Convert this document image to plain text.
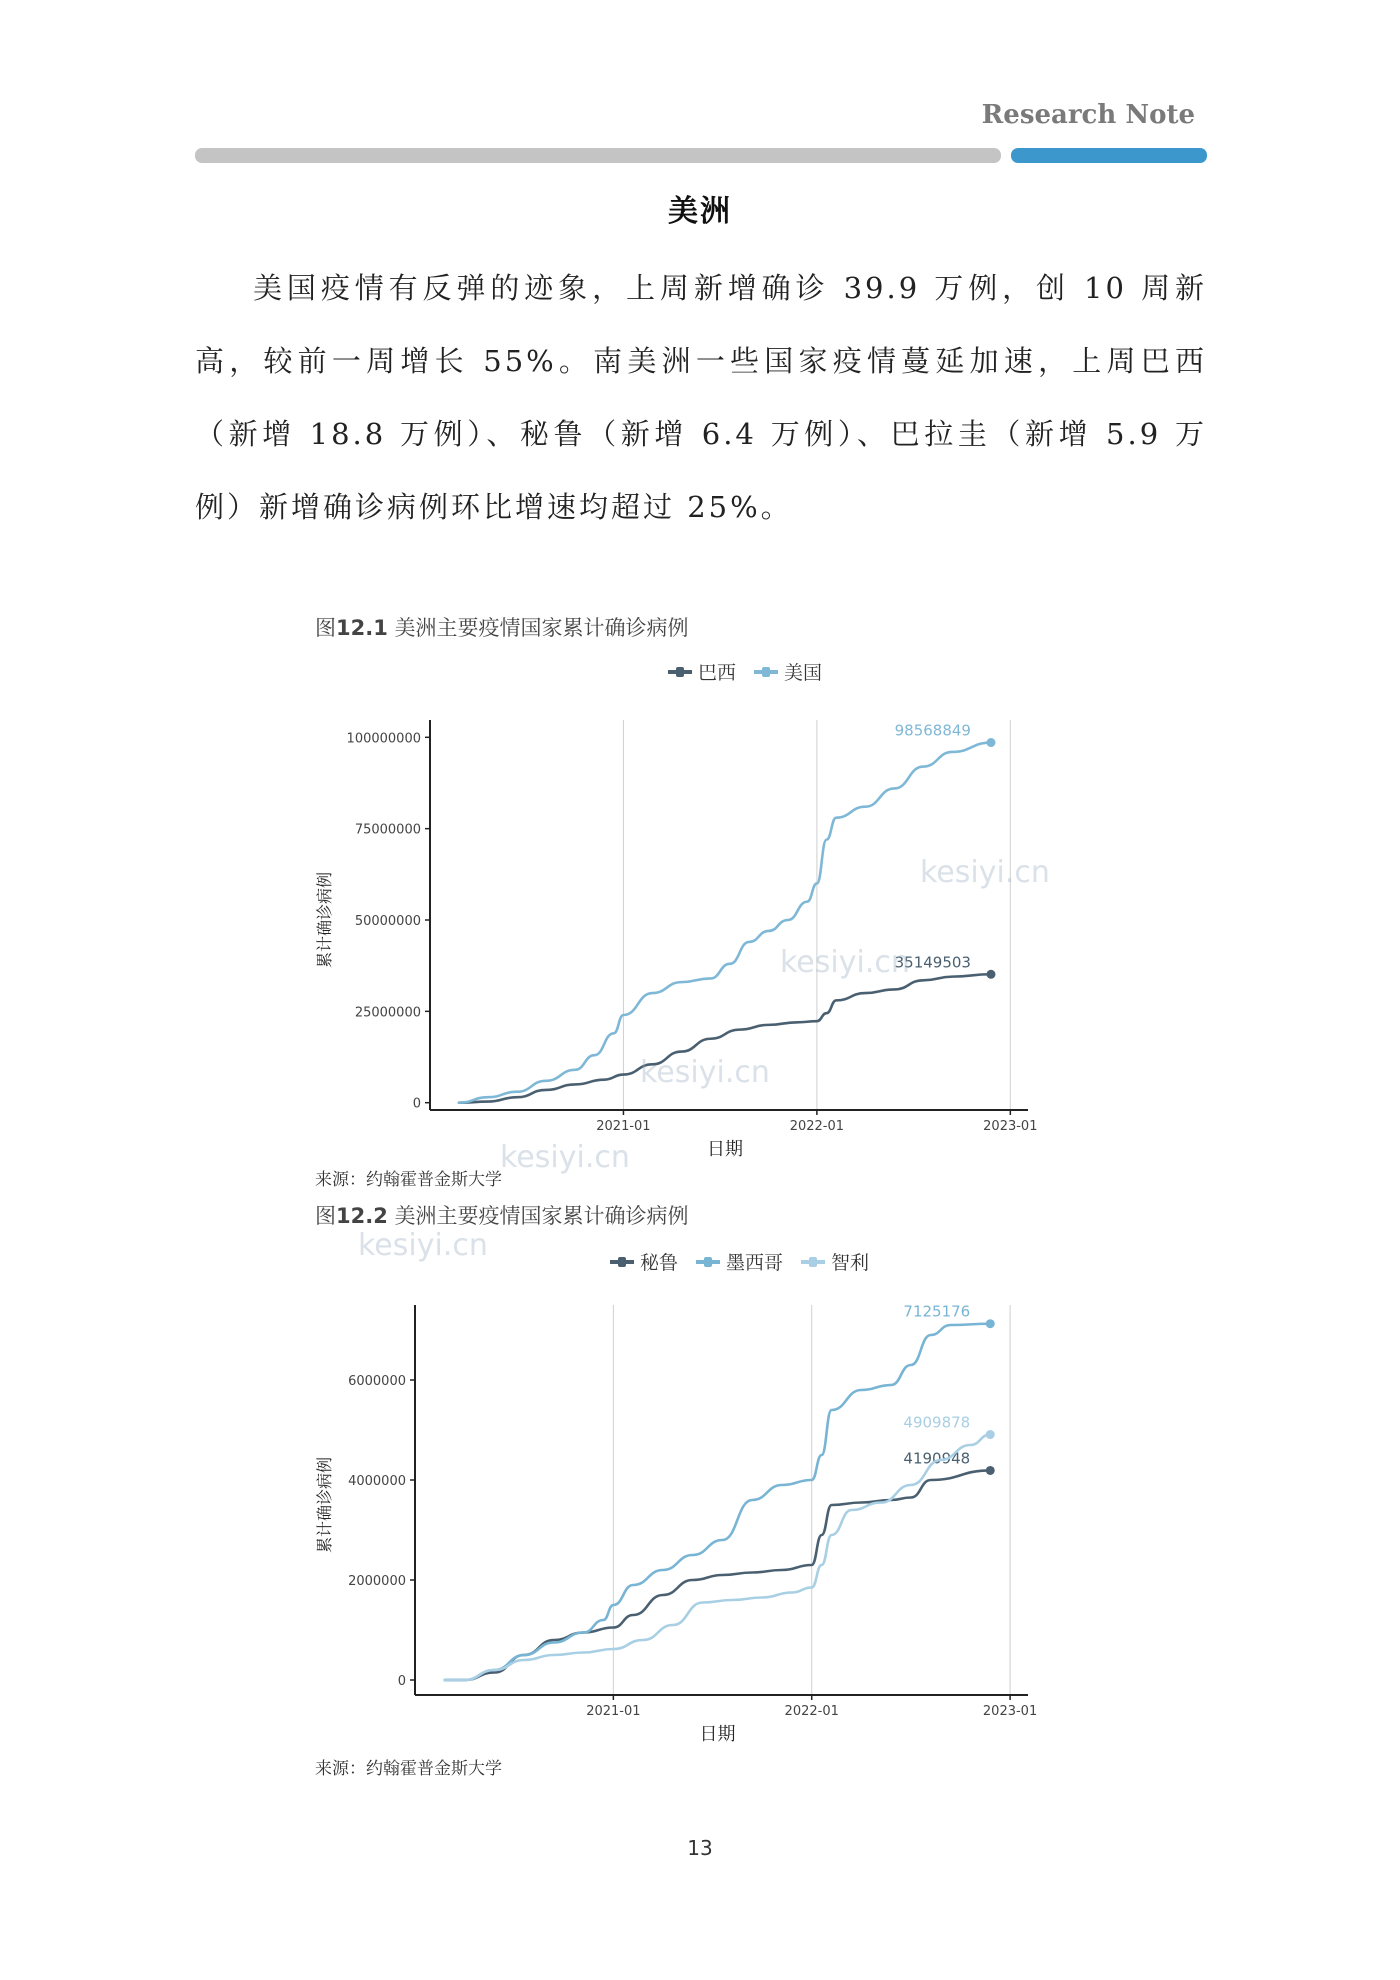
Research Note
美洲
美国疫情有反弹的迹象，上周新增确诊 39.9 万例，创 10 周新高，较前一周增长 55%。南美洲一些国家疫情蔓延加速，上周巴西（新增 18.8 万例）、秘鲁（新增 6.4 万例）、巴拉圭（新增 5.9 万例）新增确诊病例环比增速均超过 25%。
图12.1 美洲主要疫情国家累计确诊病例
巴西	美国
0
25000000
50000000
75000000
100000000
2021-01	2022-01	2023-01
日期
累计确诊病例	35149503
98568849
来源：约翰霍普金斯大学
图12.2 美洲主要疫情国家累计确诊病例
秘鲁	墨西哥	智利
0
2000000
4000000
6000000
2021-01	2022-01	2023-01
日期
累计确诊病例	4190948
7125176
4909878
来源：约翰霍普金斯大学
kesiyi.cn
kesiyi.cn
kesiyi.cn
kesiyi.cn
kesiyi.cn
13
